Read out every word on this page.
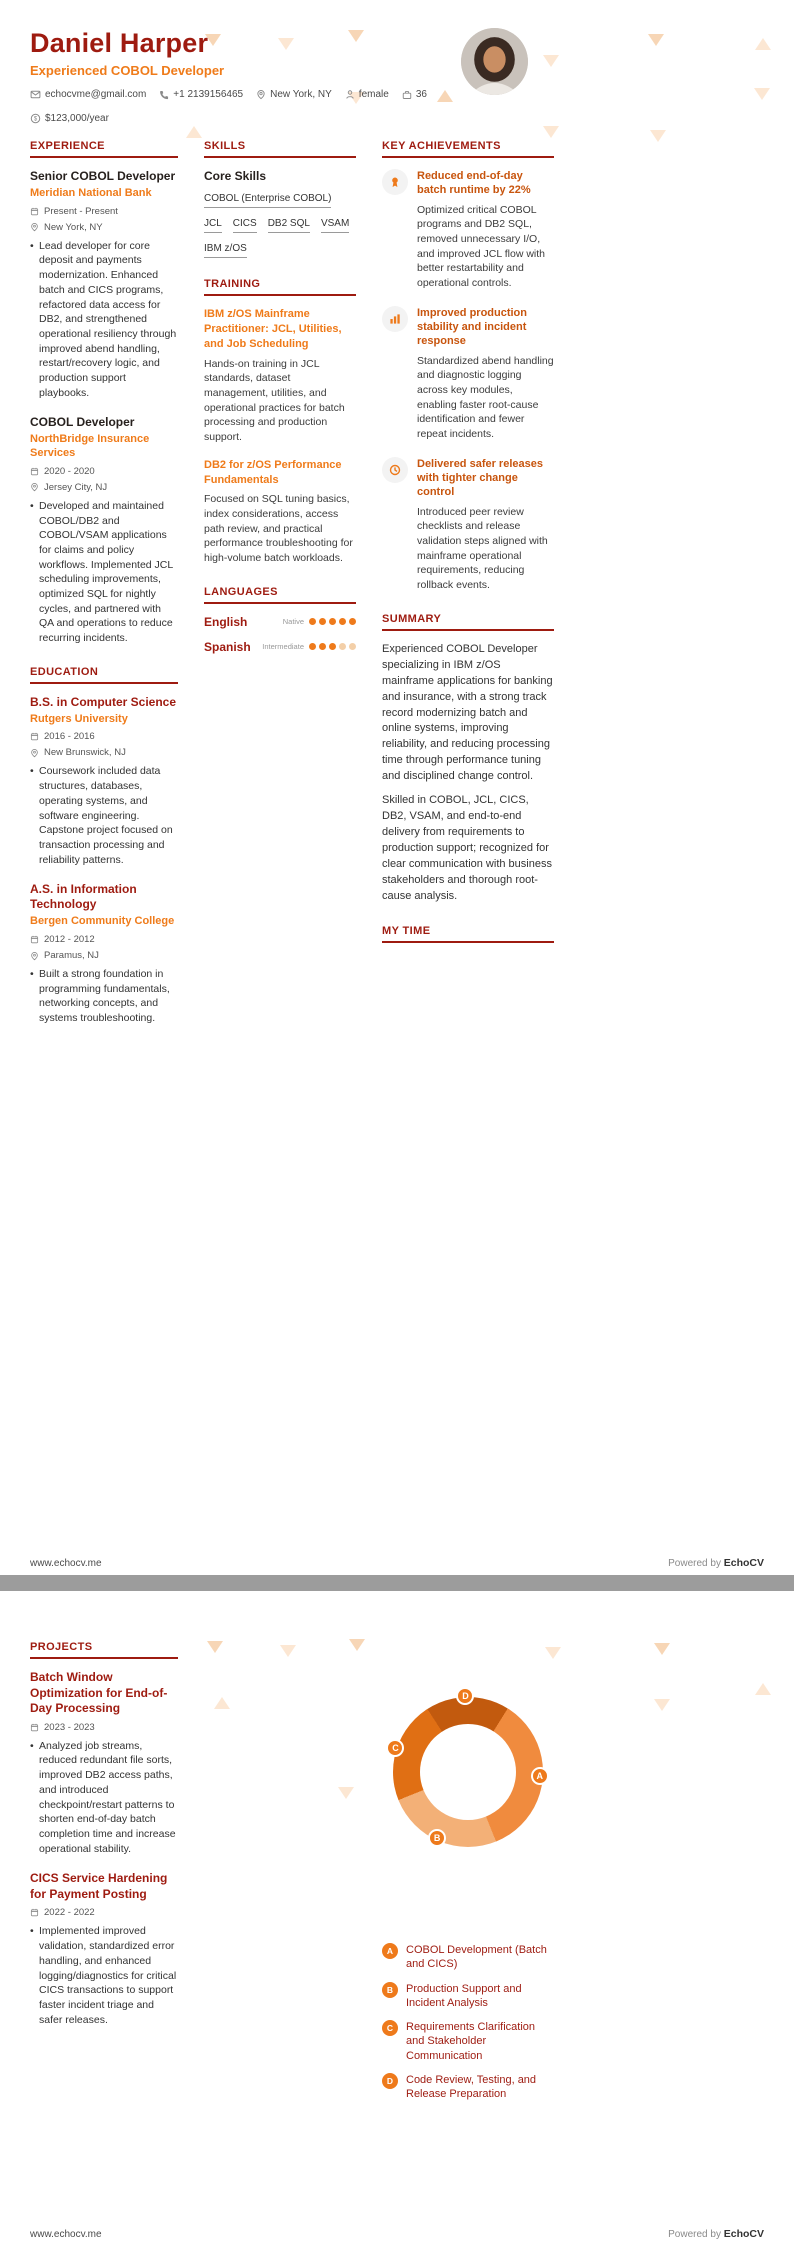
Daniel Harper
Experienced COBOL Developer
echocvme@gmail.com	+1 2139156465	New York, NY	female	36
$ $123,000/year
EXPERIENCE
Senior COBOL Developer
Meridian National Bank
Present - Present
New York, NY
• Lead developer for core deposit and payments modernization. Enhanced batch and CICS programs, refactored data access for DB2, and strengthened operational resiliency through improved abend handling, restart/recovery logic, and production support playbooks.
COBOL Developer
NorthBridge Insurance Services
2020 - 2020
Jersey City, NJ
• Developed and maintained COBOL/DB2 and COBOL/VSAM applications for claims and policy workflows. Implemented JCL scheduling improvements, optimized SQL for nightly cycles, and partnered with QA and operations to reduce recurring incidents.
EDUCATION
B.S. in Computer Science
Rutgers University
2016 - 2016
New Brunswick, NJ
• Coursework included data structures, databases, operating systems, and software engineering. Capstone project focused on transaction processing and reliability patterns.
A.S. in Information Technology
Bergen Community College
2012 - 2012
Paramus, NJ
• Built a strong foundation in programming fundamentals, networking concepts, and systems troubleshooting.
SKILLS
Core Skills
COBOL (Enterprise COBOL)
JCL CICS DB2 SQL VSAM
IBM z/OS
TRAINING
IBM z/OS Mainframe Practitioner: JCL, Utilities, and Job Scheduling
Hands-on training in JCL standards, dataset management, utilities, and operational practices for batch processing and production support.
DB2 for z/OS Performance Fundamentals
Focused on SQL tuning basics, index considerations, access path review, and practical performance troubleshooting for high-volume batch workloads.
LANGUAGES
English	Native
Spanish	Intermediate
KEY ACHIEVEMENTS
Reduced end-of-day batch runtime by 22%
Optimized critical COBOL programs and DB2 SQL, removed unnecessary I/O, and improved JCL flow with better restartability and operational controls.
Improved production stability and incident response
Standardized abend handling and diagnostic logging across key modules, enabling faster root-cause identification and fewer repeat incidents.
Delivered safer releases with tighter change control
Introduced peer review checklists and release validation steps aligned with mainframe operational requirements, reducing rollback events.
SUMMARY

Experienced COBOL Developer specializing in IBM z/OS mainframe applications for banking and insurance, with a strong track record modernizing batch and online systems, improving reliability, and reducing processing time through performance tuning and disciplined change control.

Skilled in COBOL, JCL, CICS, DB2, VSAM, and end-to-end delivery from requirements to production support; recognized for clear communication with business stakeholders and thorough root-cause analysis.

MY TIME
www.echocv.me	Powered by EchoCV
PROJECTS
Batch Window Optimization for End-of-Day Processing
2023 - 2023
• Analyzed job streams, reduced redundant file sorts, improved DB2 access paths, and introduced checkpoint/restart patterns to shorten end-of-day batch completion time and increase operational stability.
CICS Service Hardening for Payment Posting
2022 - 2022
• Implemented improved validation, standardized error handling, and enhanced logging/diagnostics for critical CICS transactions to support faster incident triage and safer releases.
A
B
C
D
A	COBOL Development (Batch and CICS)
B	Production Support and Incident Analysis
C	Requirements Clarification and Stakeholder Communication
D	Code Review, Testing, and Release Preparation
www.echocv.me	Powered by EchoCV
